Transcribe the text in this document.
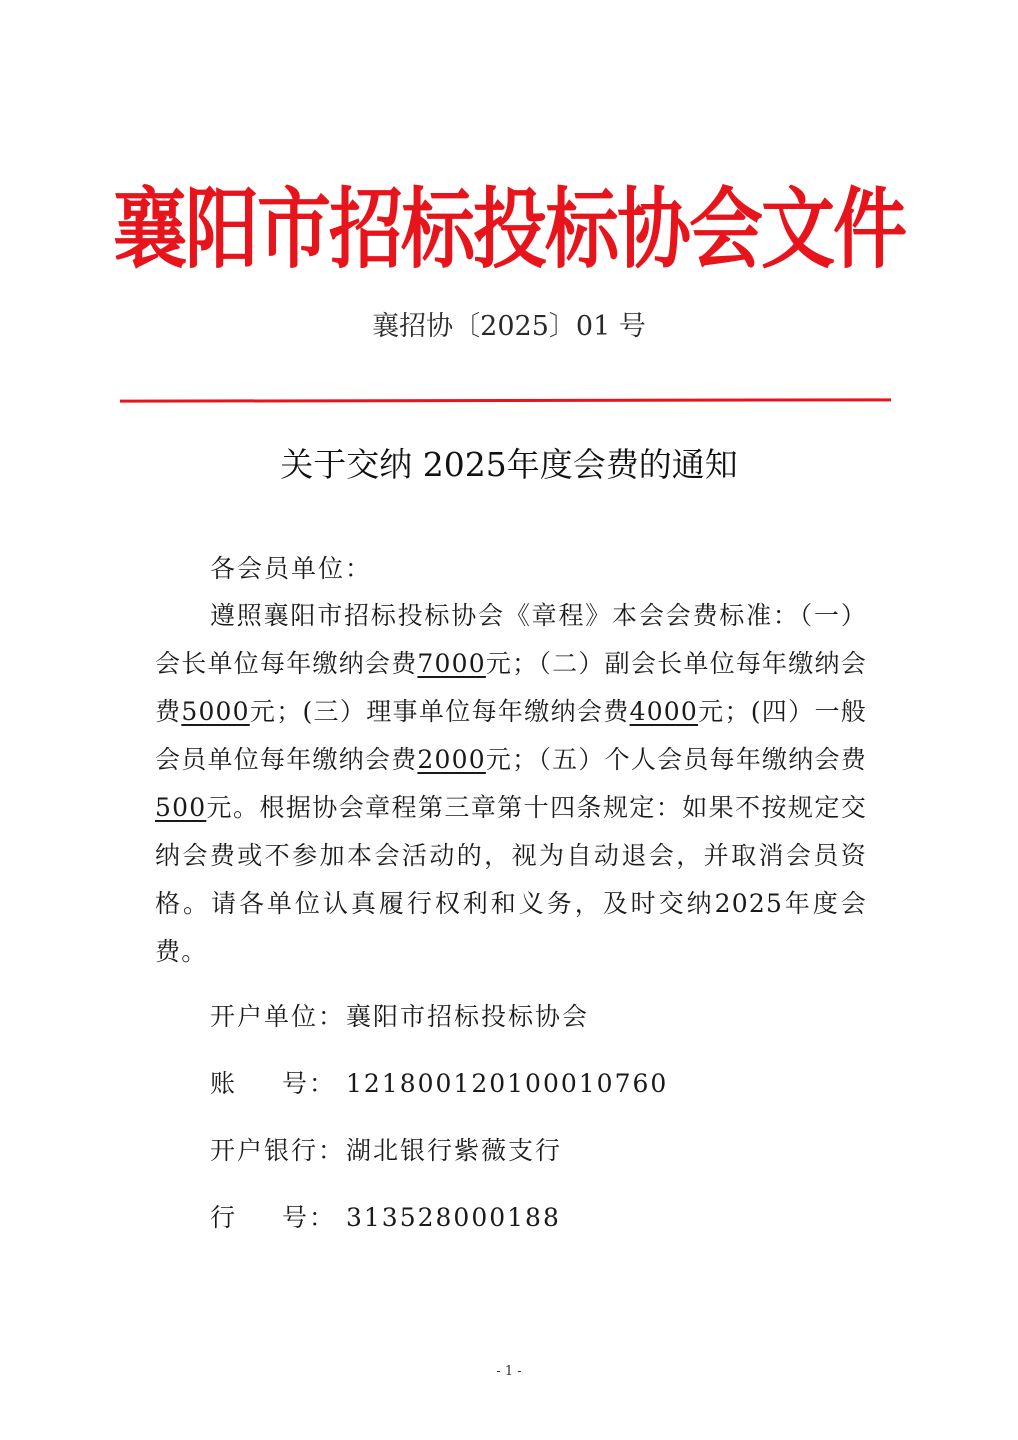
襄阳市招标投标协会文件
襄招协〔2025〕01 号
关于交纳 2025年度会费的通知
各会员单位：

遵照襄阳市招标投标协会《章程》本会会费标准：（一）会长单位每年缴纳会费7000元；（二）副会长单位每年缴纳会费5000元；(三）理事单位每年缴纳会费4000元；(四）一般会员单位每年缴纳会费2000元；（五）个人会员每年缴纳会费500元。根据协会章程第三章第十四条规定：如果不按规定交纳会费或不参加本会活动的，视为自动退会，并取消会员资格。请各单位认真履行权利和义务，及时交纳2025年度会费。

开户单位：襄阳市招标投标协会
账号： 121800120100010760
开户银行：湖北银行紫薇支行
行号： 313528000188
- 1 -
